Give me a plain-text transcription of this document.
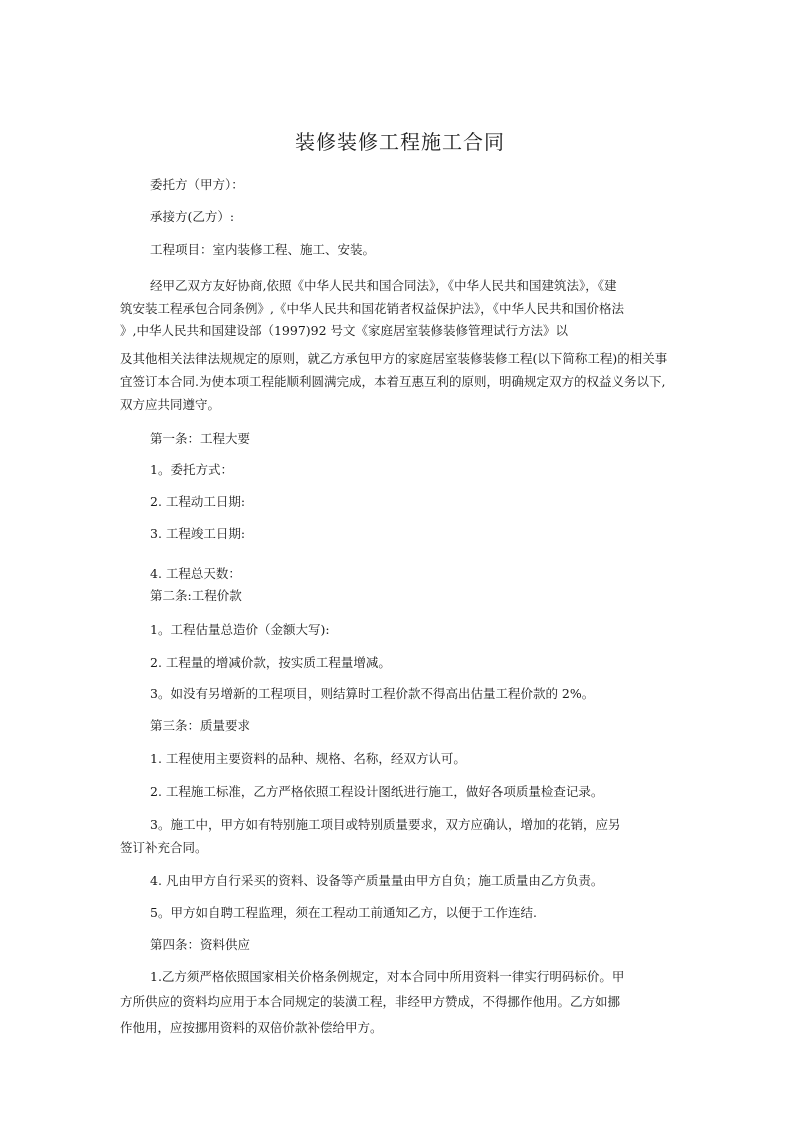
装修装修工程施工合同
委托方（甲方）：
承接方(乙方）:
工程项目：室内装修工程、施工、安装。
经甲乙双方友好协商,依照《中华人民共和国合同法》，《中华人民共和国建筑法》，《建
筑安装工程承包合同条例》,《中华人民共和国花销者权益保护法》，《中华人民共和国价格法
》,中华人民共和国建设部（1997)92 号文《家庭居室装修装修管理试行方法》以
及其他相关法律法规规定的原则，就乙方承包甲方的家庭居室装修装修工程(以下简称工程)的相关事
宜签订本合同.为使本项工程能顺利圆满完成，本着互惠互利的原则，明确规定双方的权益义务以下,
双方应共同遵守。
第一条：工程大要
1。委托方式：
2. 工程动工日期:
3. 工程竣工日期:
4. 工程总天数：
第二条:工程价款
1。工程估量总造价（金额大写):
2. 工程量的增减价款，按实质工程量增减。
3。如没有另增新的工程项目，则结算时工程价款不得高出估量工程价款的 2%。
第三条：质量要求
1. 工程使用主要资料的品种、规格、名称，经双方认可。
2. 工程施工标准，乙方严格依照工程设计图纸进行施工，做好各项质量检查记录。
3。施工中，甲方如有特别施工项目或特别质量要求，双方应确认，增加的花销，应另
签订补充合同。
4. 凡由甲方自行采买的资料、设备等产质量量由甲方自负；施工质量由乙方负责。
5。甲方如自聘工程监理，须在工程动工前通知乙方，以便于工作连结.
第四条：资料供应
1.乙方须严格依照国家相关价格条例规定，对本合同中所用资料一律实行明码标价。甲
方所供应的资料均应用于本合同规定的装潢工程，非经甲方赞成，不得挪作他用。乙方如挪
作他用，应按挪用资料的双倍价款补偿给甲方。
